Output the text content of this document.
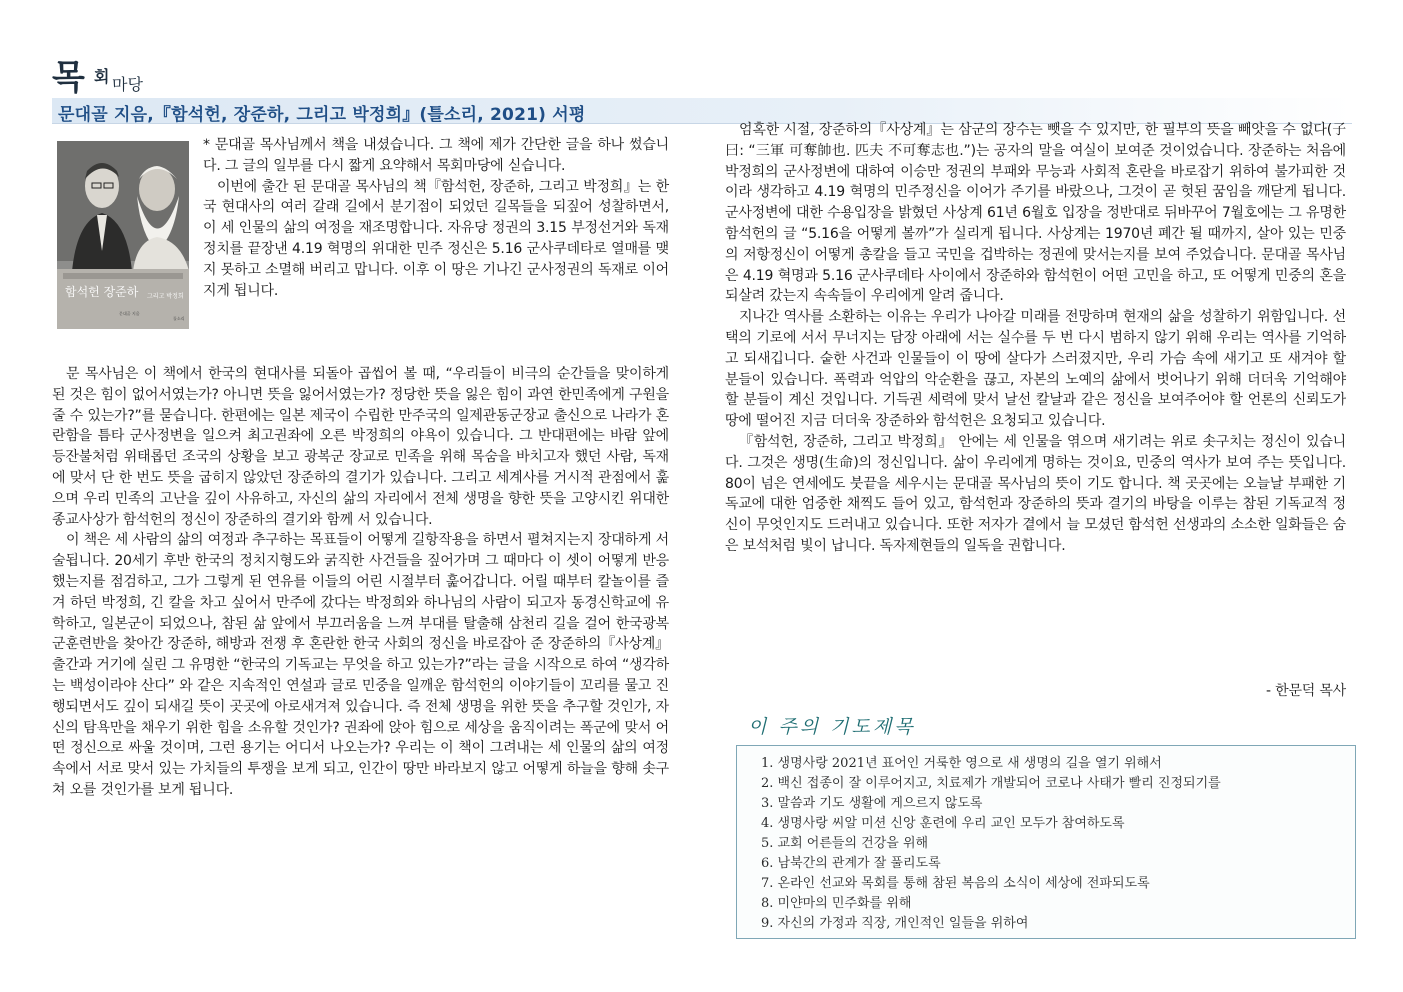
목 회 마당
문대골 지음,『함석헌, 장준하, 그리고 박정희』(틀소리, 2021) 서평
함석헌 장준하 그리고 박정희
문대골 지음
틀소리

* 문대골 목사님께서 책을 내셨습니다. 그 책에 제가 간단한 글을 하나 썼습니다. 그 글의 일부를 다시 짧게 요약해서 목회마당에 싣습니다.

이번에 출간 된 문대골 목사님의 책『함석헌, 장준하, 그리고 박정희』는 한국 현대사의 여러 갈래 길에서 분기점이 되었던 길목들을 되짚어 성찰하면서, 이 세 인물의 삶의 여정을 재조명합니다. 자유당 정권의 3.15 부정선거와 독재정치를 끝장낸 4.19 혁명의 위대한 민주 정신은 5.16 군사쿠데타로 열매를 맺지 못하고 소멸해 버리고 맙니다. 이후 이 땅은 기나긴 군사정권의 독재로 이어지게 됩니다.

문 목사님은 이 책에서 한국의 현대사를 되돌아 곱씹어 볼 때, “우리들이 비극의 순간들을 맞이하게 된 것은 힘이 없어서였는가? 아니면 뜻을 잃어서였는가? 정당한 뜻을 잃은 힘이 과연 한민족에게 구원을 줄 수 있는가?”를 묻습니다. 한편에는 일본 제국이 수립한 만주국의 일제관동군장교 출신으로 나라가 혼란함을 틈타 군사정변을 일으켜 최고권좌에 오른 박정희의 야욕이 있습니다. 그 반대편에는 바람 앞에 등잔불처럼 위태롭던 조국의 상황을 보고 광복군 장교로 민족을 위해 목숨을 바치고자 했던 사람, 독재에 맞서 단 한 번도 뜻을 굽히지 않았던 장준하의 결기가 있습니다. 그리고 세계사를 거시적 관점에서 훑으며 우리 민족의 고난을 깊이 사유하고, 자신의 삶의 자리에서 전체 생명을 향한 뜻을 고양시킨 위대한 종교사상가 함석헌의 정신이 장준하의 결기와 함께 서 있습니다.

이 책은 세 사람의 삶의 여정과 추구하는 목표들이 어떻게 길항작용을 하면서 펼쳐지는지 장대하게 서술됩니다. 20세기 후반 한국의 정치지형도와 굵직한 사건들을 짚어가며 그 때마다 이 셋이 어떻게 반응했는지를 점검하고, 그가 그렇게 된 연유를 이들의 어린 시절부터 훑어갑니다. 어릴 때부터 칼놀이를 즐겨 하던 박정희, 긴 칼을 차고 싶어서 만주에 갔다는 박정희와 하나님의 사람이 되고자 동경신학교에 유학하고, 일본군이 되었으나, 참된 삶 앞에서 부끄러움을 느껴 부대를 탈출해 삼천리 길을 걸어 한국광복군훈련반을 찾아간 장준하, 해방과 전쟁 후 혼란한 한국 사회의 정신을 바로잡아 준 장준하의『사상계』 출간과 거기에 실린 그 유명한 “한국의 기독교는 무엇을 하고 있는가?”라는 글을 시작으로 하여 “생각하는 백성이라야 산다” 와 같은 지속적인 연설과 글로 민중을 일깨운 함석헌의 이야기들이 꼬리를 물고 진행되면서도 깊이 되새길 뜻이 곳곳에 아로새겨져 있습니다. 즉 전체 생명을 위한 뜻을 추구할 것인가, 자신의 탐욕만을 채우기 위한 힘을 소유할 것인가? 권좌에 앉아 힘으로 세상을 움직이려는 폭군에 맞서 어떤 정신으로 싸울 것이며, 그런 용기는 어디서 나오는가? 우리는 이 책이 그려내는 세 인물의 삶의 여정 속에서 서로 맞서 있는 가치들의 투쟁을 보게 되고, 인간이 땅만 바라보지 않고 어떻게 하늘을 향해 솟구쳐 오를 것인가를 보게 됩니다.

엄혹한 시절, 장준하의『사상계』는 삼군의 장수는 뺏을 수 있지만, 한 필부의 뜻을 빼앗을 수 없다(子曰: “三軍 可奪帥也. 匹夫 不可奪志也.”)는 공자의 말을 여실이 보여준 것이었습니다. 장준하는 처음에 박정희의 군사정변에 대하여 이승만 정권의 부패와 무능과 사회적 혼란을 바로잡기 위하여 불가피한 것이라 생각하고 4.19 혁명의 민주정신을 이어가 주기를 바랐으나, 그것이 곧 헛된 꿈임을 깨닫게 됩니다. 군사정변에 대한 수용입장을 밝혔던 사상계 61년 6월호 입장을 정반대로 뒤바꾸어 7월호에는 그 유명한 함석헌의 글 “5.16을 어떻게 볼까”가 실리게 됩니다. 사상계는 1970년 폐간 될 때까지, 살아 있는 민중의 저항정신이 어떻게 총칼을 들고 국민을 겁박하는 정권에 맞서는지를 보여 주었습니다. 문대골 목사님은 4.19 혁명과 5.16 군사쿠데타 사이에서 장준하와 함석헌이 어떤 고민을 하고, 또 어떻게 민중의 혼을 되살려 갔는지 속속들이 우리에게 알려 줍니다.

지나간 역사를 소환하는 이유는 우리가 나아갈 미래를 전망하며 현재의 삶을 성찰하기 위함입니다. 선택의 기로에 서서 무너지는 담장 아래에 서는 실수를 두 번 다시 범하지 않기 위해 우리는 역사를 기억하고 되새깁니다. 숱한 사건과 인물들이 이 땅에 살다가 스러졌지만, 우리 가슴 속에 새기고 또 새겨야 할 분들이 있습니다. 폭력과 억압의 악순환을 끊고, 자본의 노예의 삶에서 벗어나기 위해 더더욱 기억해야 할 분들이 계신 것입니다. 기득권 세력에 맞서 날선 칼날과 같은 정신을 보여주어야 할 언론의 신뢰도가 땅에 떨어진 지금 더더욱 장준하와 함석헌은 요청되고 있습니다.

『함석헌, 장준하, 그리고 박정희』 안에는 세 인물을 엮으며 새기려는 위로 솟구치는 정신이 있습니다. 그것은 생명(生命)의 정신입니다. 삶이 우리에게 명하는 것이요, 민중의 역사가 보여 주는 뜻입니다. 80이 넘은 연세에도 붓끝을 세우시는 문대골 목사님의 뜻이 기도 합니다. 책 곳곳에는 오늘날 부패한 기독교에 대한 엄중한 채찍도 들어 있고, 함석헌과 장준하의 뜻과 결기의 바탕을 이루는 참된 기독교적 정신이 무엇인지도 드러내고 있습니다. 또한 저자가 곁에서 늘 모셨던 함석헌 선생과의 소소한 일화들은 숨은 보석처럼 빛이 납니다. 독자제현들의 일독을 권합니다.

- 한문덕 목사
이 주의 기도제목
1. 생명사랑 2021년 표어인 거룩한 영으로 새 생명의 길을 열기 위해서
2. 백신 접종이 잘 이루어지고, 치료제가 개발되어 코로나 사태가 빨리 진정되기를
3. 말씀과 기도 생활에 게으르지 않도록
4. 생명사랑 씨알 미션 신앙 훈련에 우리 교인 모두가 참여하도록
5. 교회 어른들의 건강을 위해
6. 남북간의 관계가 잘 풀리도록
7. 온라인 선교와 목회를 통해 참된 복음의 소식이 세상에 전파되도록
8. 미얀마의 민주화를 위해
9. 자신의 가정과 직장, 개인적인 일들을 위하여
